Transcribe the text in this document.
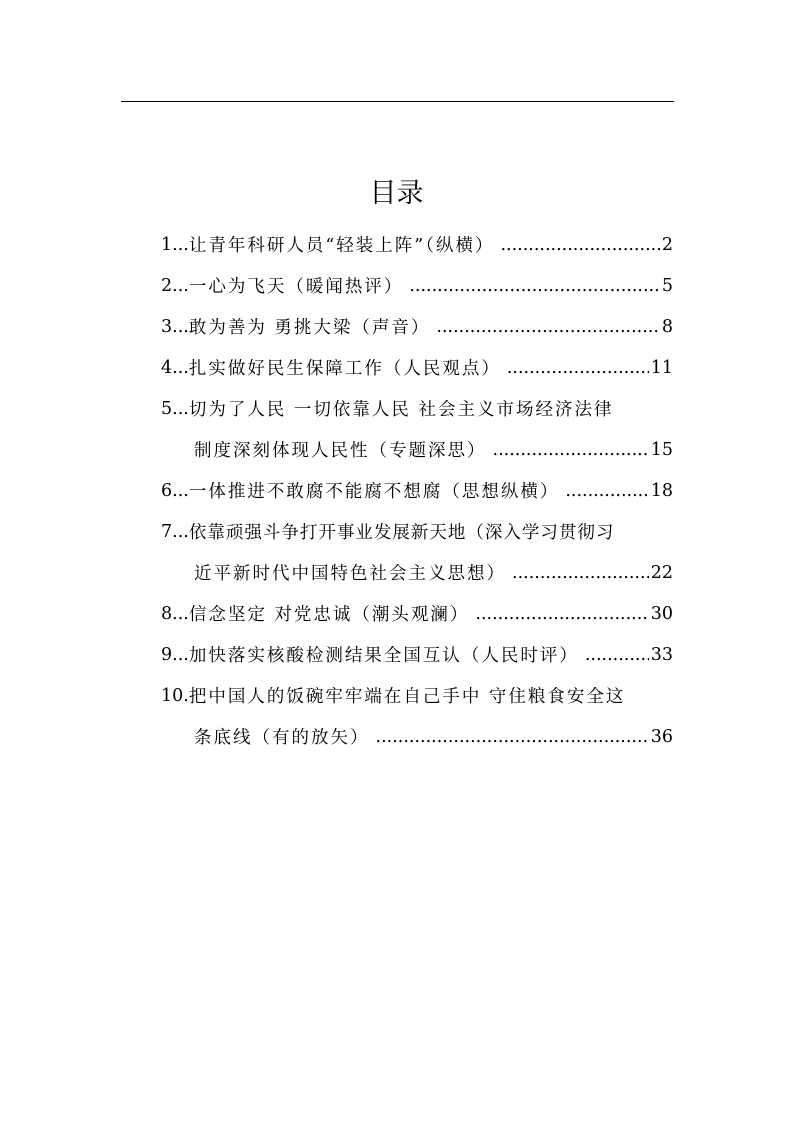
目录
1... 让青年科研人员“轻装上阵”（纵横） .....	2
2... 一心为飞天（暖闻热评） .....	5
3... 敢为善为 勇挑大梁（声音） .....	8
4... 扎实做好民生保障工作（人民观点） .....	11
5... 切为了人民 一切依靠人民 社会主义市场经济法律
制度深刻体现人民性（专题深思） .....	15
6... 一体推进不敢腐不能腐不想腐（思想纵横） .....	18
7... 依靠顽强斗争打开事业发展新天地（深入学习贯彻习
近平新时代中国特色社会主义思想） .....	22
8... 信念坚定 对党忠诚（潮头观澜） .....	30
9... 加快落实核酸检测结果全国互认（人民时评） .....	33
10. 把中国人的饭碗牢牢端在自己手中 守住粮食安全这
条底线（有的放矢） .....	36
